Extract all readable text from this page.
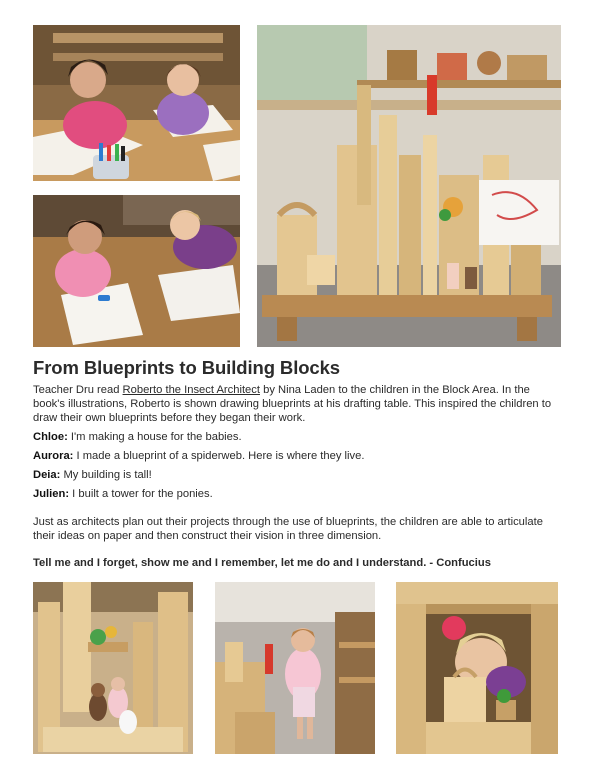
From Blueprints to Building Blocks

Teacher Dru read Roberto the Insect Architect by Nina Laden to the children in the Block Area. In the book's illustrations, Roberto is shown drawing blueprints at his drafting table. This inspired the children to draw their own blueprints before they began their work.

Chloe: I'm making a house for the babies.

Aurora: I made a blueprint of a spiderweb. Here is where they live.

Deia: My building is tall!

Julien: I built a tower for the ponies.

Just as architects plan out their projects through the use of blueprints, the children are able to articulate their ideas on paper and then construct their vision in three dimension.

Tell me and I forget, show me and I remember, let me do and I understand. - Confucius
